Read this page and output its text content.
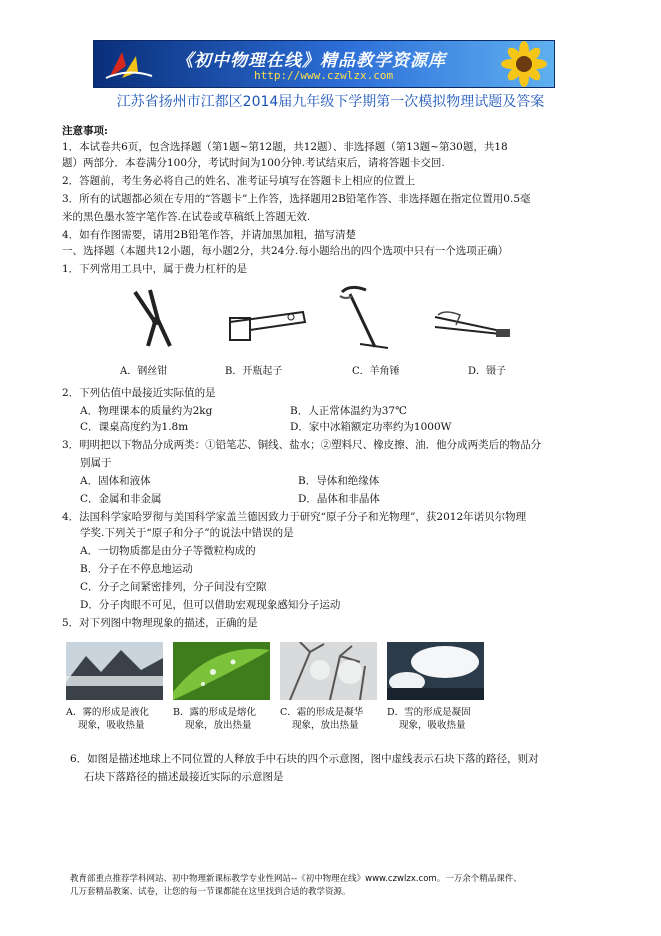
《初中物理在线》精品教学资源库
http://www.czwlzx.com
江苏省扬州市江都区2014届九年级下学期第一次模拟物理试题及答案
注意事项:
1．本试卷共6页，包含选择题（第1题~第12题，共12题）、非选择题（第13题~第30题，共18
题）两部分．本卷满分100分，考试时间为100分钟.考试结束后，请将答题卡交回.
2．答题前，考生务必将自己的姓名、准考证号填写在答题卡上相应的位置上
3．所有的试题都必须在专用的“答题卡”上作答，选择题用2B铅笔作答、非选择题在指定位置用0.5毫
米的黑色墨水签字笔作答.在试卷或草稿纸上答题无效.
4．如有作图需要，请用2B铅笔作答，并请加黑加粗，描写清楚
一、选择题（本题共12小题，每小题2分，共24分.每小题给出的四个选项中只有一个选项正确）
1．下列常用工具中，属于费力杠杆的是
A．钢丝钳	B．开瓶起子	C．羊角锤	D．镊子
2．下列估值中最接近实际值的是
A．物理课本的质量约为2kg	B．人正常体温约为37℃
C．课桌高度约为1.8m	D．家中冰箱额定功率约为1000W
3．明明把以下物品分成两类：①铅笔芯、铜线、盐水；②塑料尺、橡皮擦、油．他分成两类后的物品分
别属于
A．固体和液体	B．导体和绝缘体
C．金属和非金属	D．晶体和非晶体
4．法国科学家哈罗彻与美国科学家盖兰德因致力于研究“原子分子和光物理”，获2012年诺贝尔物理
学奖.下列关于“原子和分子”的说法中错误的是
A．一切物质都是由分子等微粒构成的
B．分子在不停息地运动
C．分子之间紧密排列，分子间没有空隙
D．分子肉眼不可见，但可以借助宏观现象感知分子运动
5．对下列图中物理现象的描述，正确的是
A．雾的形成是液化
现象，吸收热量
B．露的形成是熔化
现象，放出热量
C．霜的形成是凝华
现象，放出热量
D．雪的形成是凝固
现象，吸收热量
6．如图是描述地球上不同位置的人释放手中石块的四个示意图，图中虚线表示石块下落的路径，则对
石块下落路径的描述最接近实际的示意图是
教育部重点推荐学科网站、初中物理新课标教学专业性网站--《初中物理在线》www.czwlzx.com。一万余个精品课件、
几万套精品教案、试卷，让您的每一节课都能在这里找到合适的教学资源。
